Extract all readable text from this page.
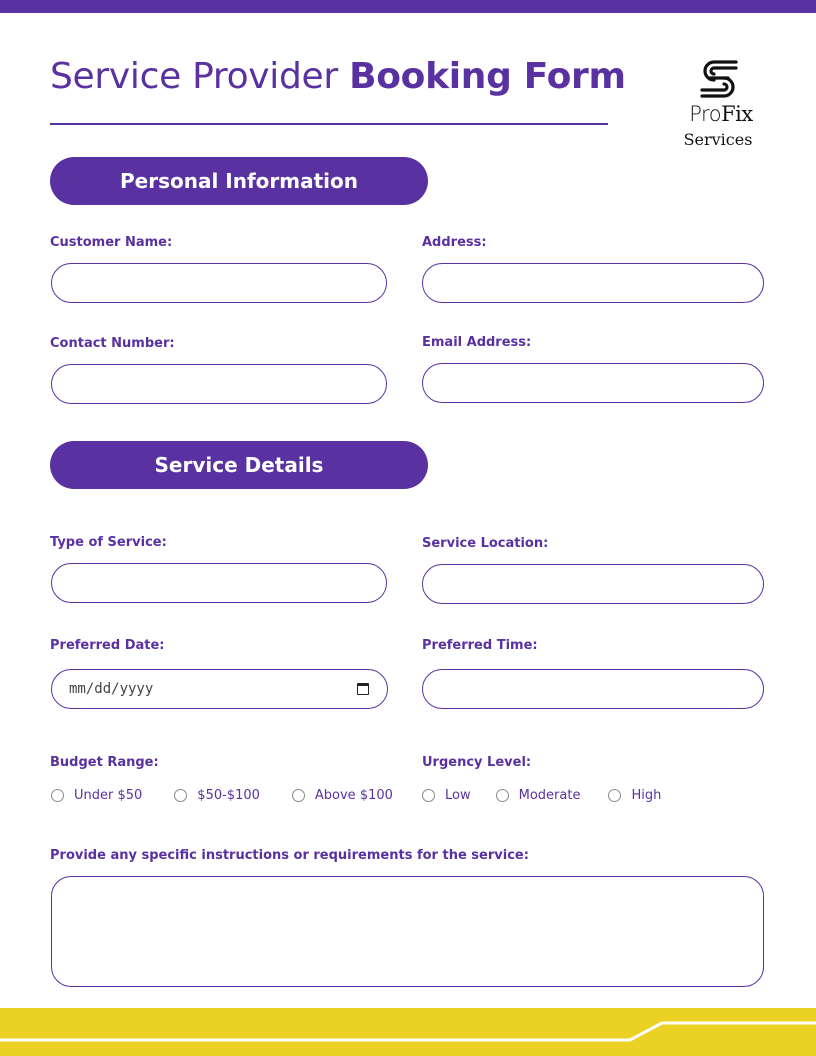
Service Provider Booking Form
ProFix
Services
Personal Information
Customer Name:	Address:
Contact Number:	Email Address:
Service Details
Type of Service:	Service Location:
Preferred Date:
mm/dd/yyyy
Preferred Time:
Budget Range:
Under $50	$50-$100	Above $100
Urgency Level:
Low	Moderate	High
Provide any specific instructions or requirements for the service:
